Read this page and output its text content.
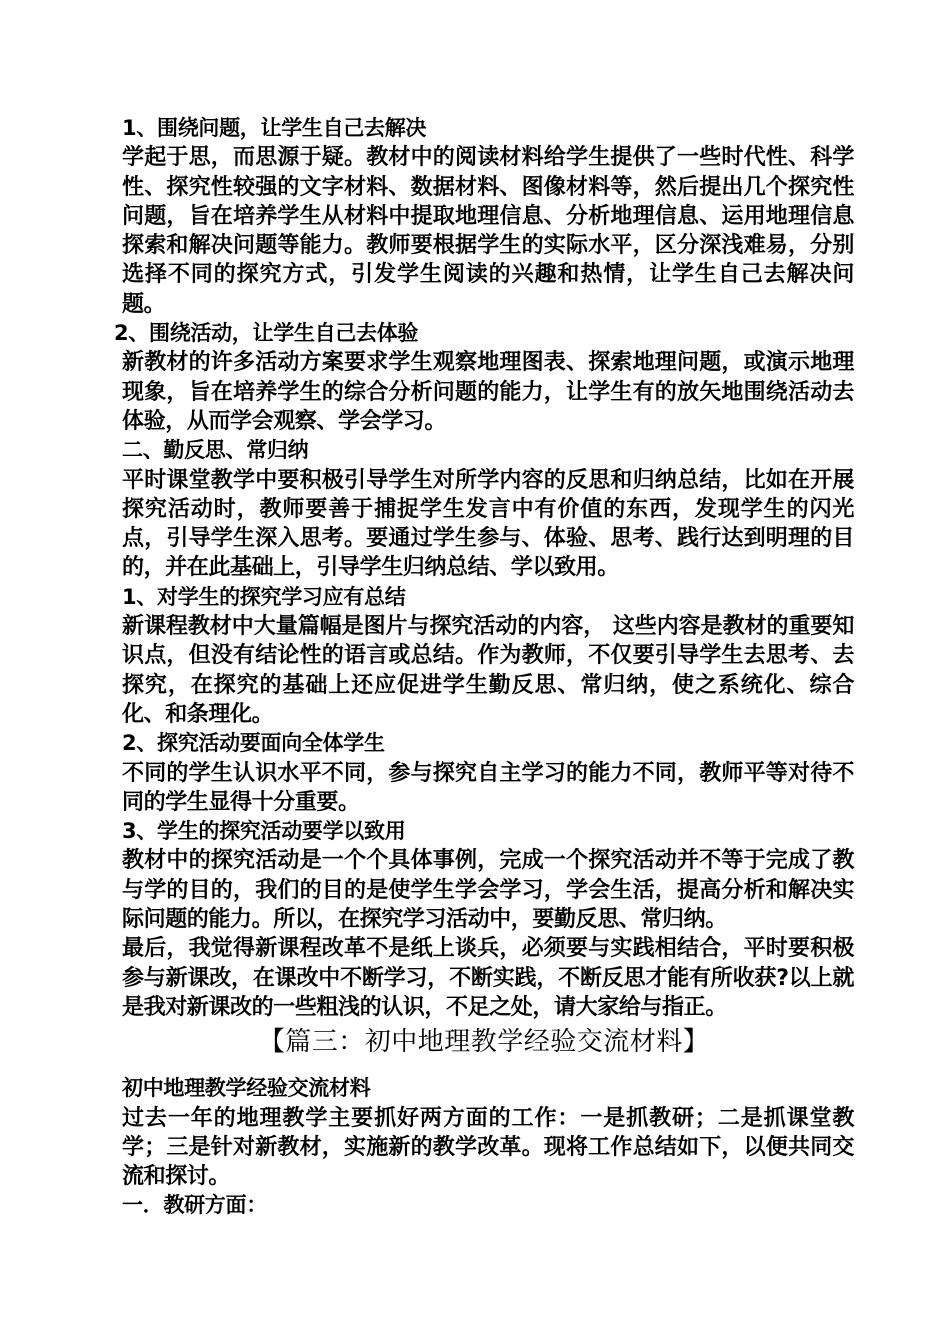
1、围绕问题，让学生自己去解决
学起于思，而思源于疑。教材中的阅读材料给学生提供了一些时代性、科学性、探究性较强的文字材料、数据材料、图像材料等，然后提出几个探究性问题，旨在培养学生从材料中提取地理信息、分析地理信息、运用地理信息探索和解决问题等能力。教师要根据学生的实际水平，区分深浅难易，分别选择不同的探究方式，引发学生阅读的兴趣和热情，让学生自己去解决问题。
2、围绕活动，让学生自己去体验
新教材的许多活动方案要求学生观察地理图表、探索地理问题，或演示地理现象，旨在培养学生的综合分析问题的能力，让学生有的放矢地围绕活动去体验，从而学会观察、学会学习。
二、勤反思、常归纳
平时课堂教学中要积极引导学生对所学内容的反思和归纳总结，比如在开展探究活动时，教师要善于捕捉学生发言中有价值的东西，发现学生的闪光点，引导学生深入思考。要通过学生参与、体验、思考、践行达到明理的目的，并在此基础上，引导学生归纳总结、学以致用。
1、对学生的探究学习应有总结
新课程教材中大量篇幅是图片与探究活动的内容， 这些内容是教材的重要知识点，但没有结论性的语言或总结。作为教师，不仅要引导学生去思考、去探究，在探究的基础上还应促进学生勤反思、常归纳，使之系统化、综合化、和条理化。
2、探究活动要面向全体学生
不同的学生认识水平不同，参与探究自主学习的能力不同，教师平等对待不同的学生显得十分重要。
3、学生的探究活动要学以致用
教材中的探究活动是一个个具体事例，完成一个探究活动并不等于完成了教与学的目的，我们的目的是使学生学会学习，学会生活，提高分析和解决实际问题的能力。所以，在探究学习活动中，要勤反思、常归纳。
最后，我觉得新课程改革不是纸上谈兵，必须要与实践相结合，平时要积极参与新课改，在课改中不断学习，不断实践，不断反思才能有所收获?以上就是我对新课改的一些粗浅的认识，不足之处，请大家给与指正。
【篇三：初中地理教学经验交流材料】
初中地理教学经验交流材料
过去一年的地理教学主要抓好两方面的工作：一是抓教研；二是抓课堂教学；三是针对新教材，实施新的教学改革。现将工作总结如下，以便共同交流和探讨。
一．教研方面：
